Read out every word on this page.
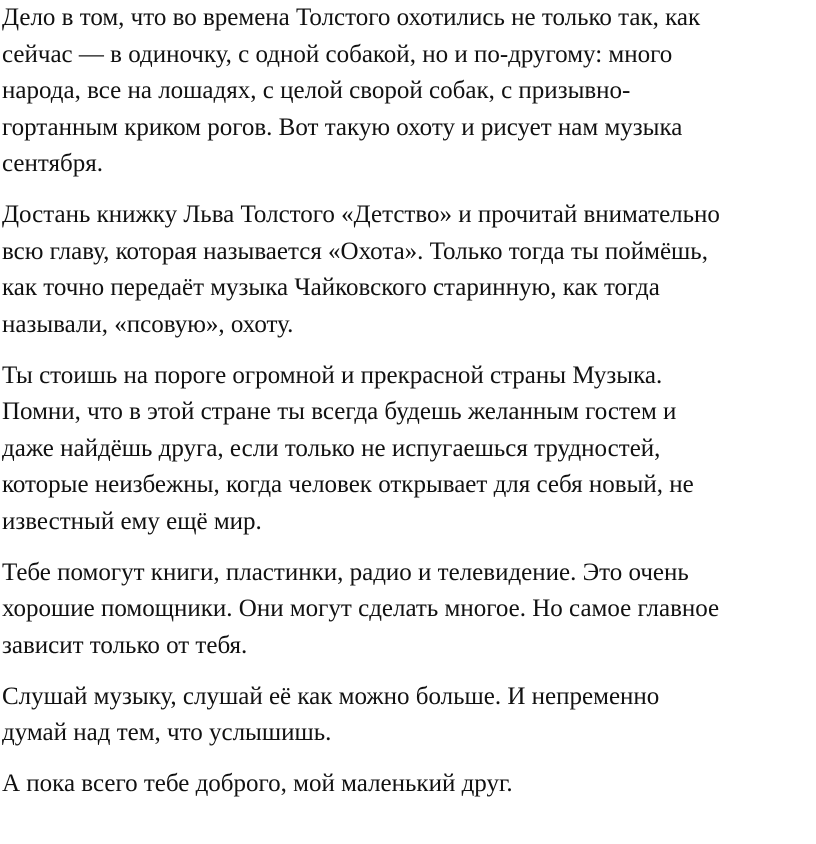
Дело в том, что во времена Толстого охотились не только так, как
сейчас — в одиночку, с одной собакой, но и по-другому: много
народа, все на лошадях, с целой сворой собак, с призывно-
гортанным криком рогов. Вот такую охоту и рисует нам музыка
сентября.

Достань книжку Льва Толстого «Детство» и прочитай внимательно
всю главу, которая называется «Охота». Только тогда ты поймёшь,
как точно передаёт музыка Чайковского старинную, как тогда
называли, «псовую», охоту.

Ты стоишь на пороге огромной и прекрасной страны Музыка.
Помни, что в этой стране ты всегда будешь желанным гостем и
даже найдёшь друга, если только не испугаешься трудностей,
которые неизбежны, когда человек открывает для себя новый, не
известный ему ещё мир.

Тебе помогут книги, пластинки, радио и телевидение. Это очень
хорошие помощники. Они могут сделать многое. Но самое главное
зависит только от тебя.

Слушай музыку, слушай её как можно больше. И непременно
думай над тем, что услышишь.

А пока всего тебе доброго, мой маленький друг.
